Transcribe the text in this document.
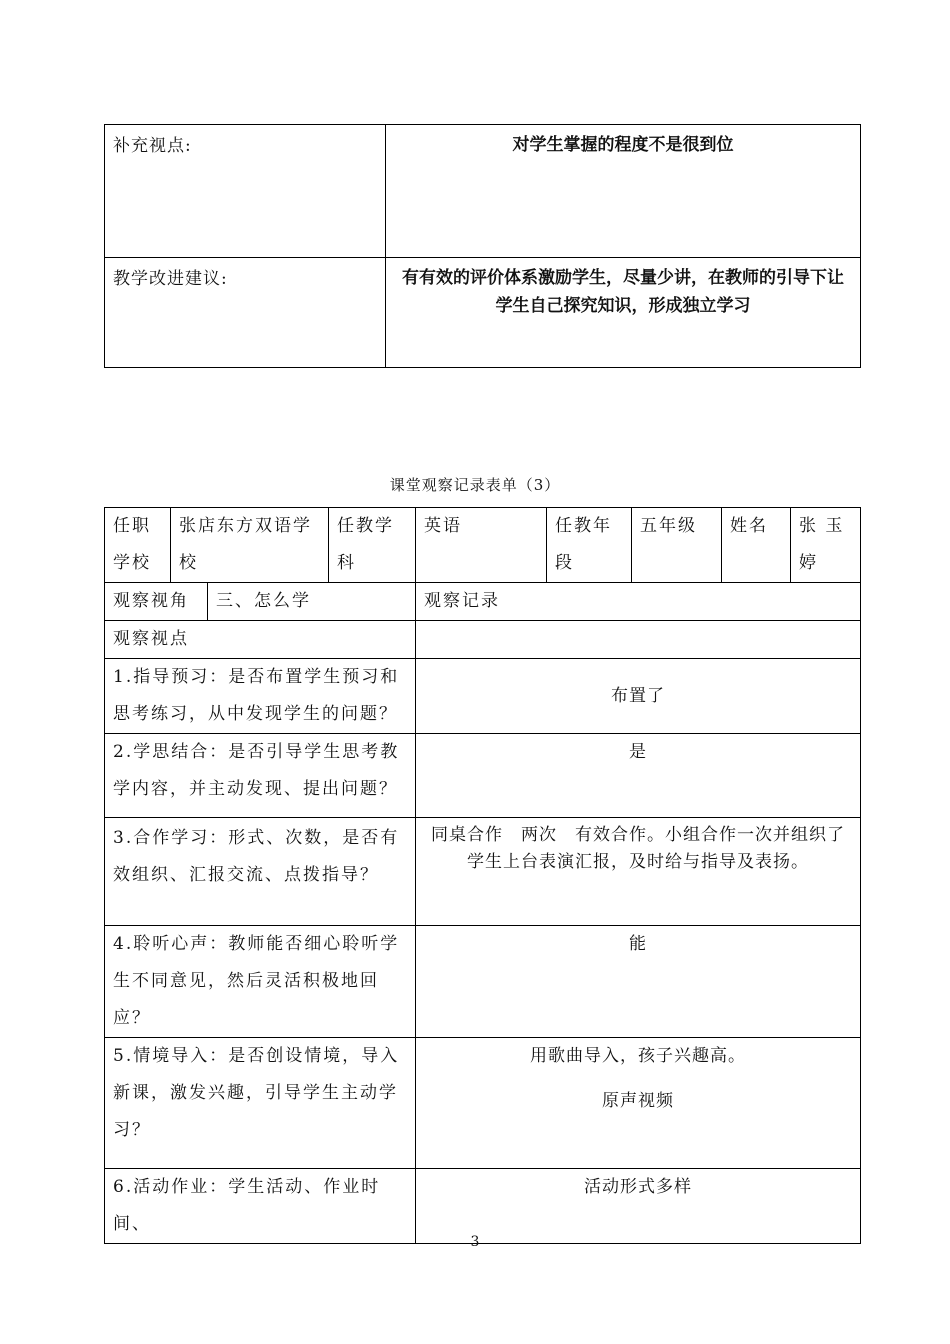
补充视点:	对学生掌握的程度不是很到位
教学改进建议:	有有效的评价体系激励学生，尽量少讲，在教师的引导下让学生自己探究知识，形成独立学习
课堂观察记录表单（3）
任职学校	张店东方双语学校		任教学科	英语	任教年段	五年级	姓名	张 玉婷
观察视角		三、怎么学		观察记录				
观察视点								
1.指导预习：是否布置学生预习和思考练习，从中发现学生的问题？				布置了				
2.学思结合：是否引导学生思考教学内容，并主动发现、提出问题？				是				
3.合作学习：形式、次数，是否有效组织、汇报交流、点拨指导？				同桌合作　两次　有效合作。小组合作一次并组织了学生上台表演汇报，及时给与指导及表扬。				
4.聆听心声：教师能否细心聆听学生不同意见，然后灵活积极地回应？				能				
5.情境导入：是否创设情境，导入新课，激发兴趣，引导学生主动学习？				用歌曲导入，孩子兴趣高。
原声视频				

6.活动作业：学生活动、作业时间、				活动形式多样				
3
